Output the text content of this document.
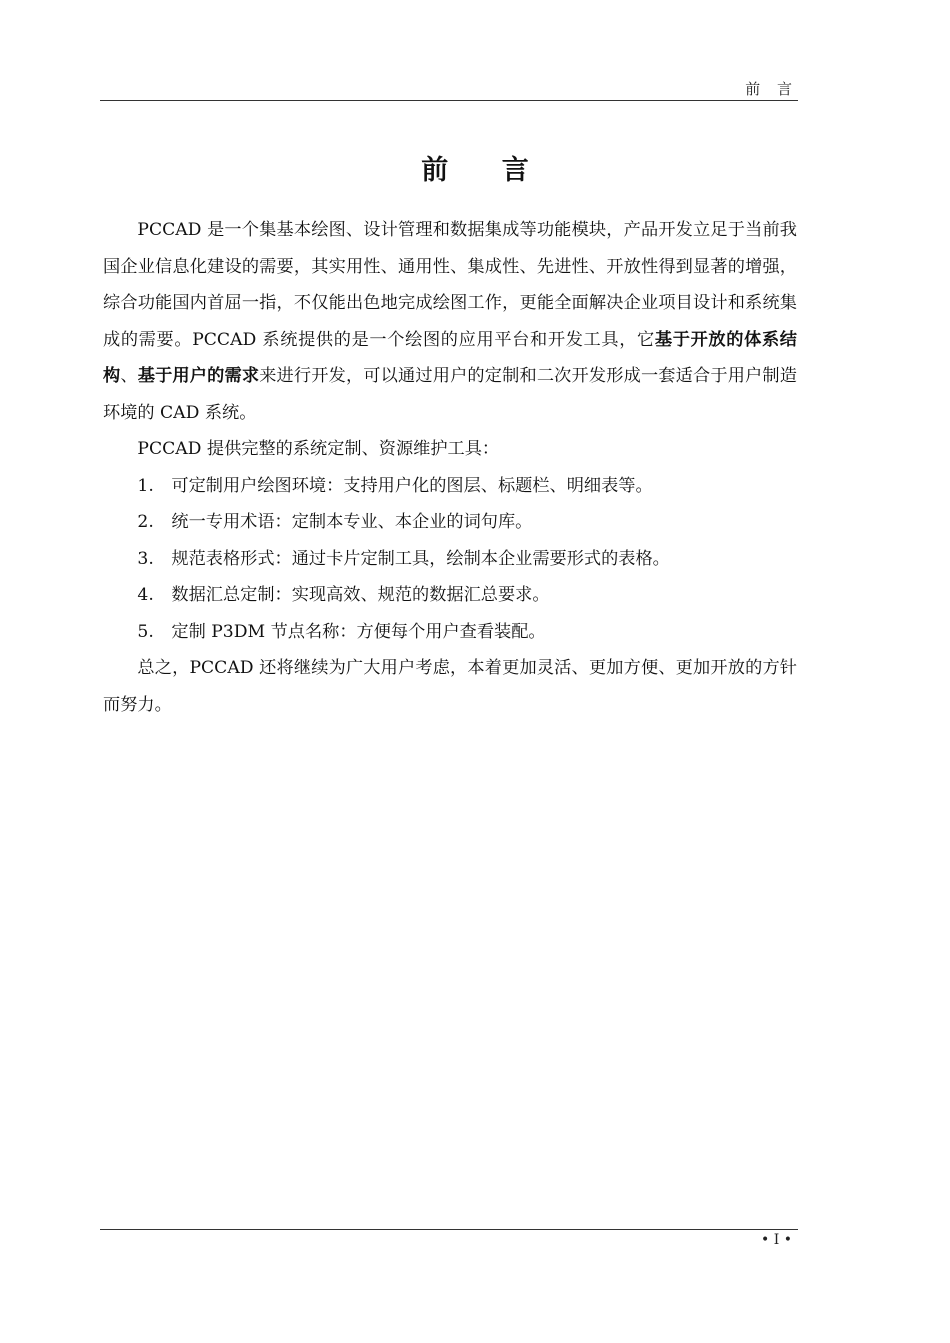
前 言
前 言

PCCAD 是一个集基本绘图、设计管理和数据集成等功能模块，产品开发立足于当前我国企业信息化建设的需要，其实用性、通用性、集成性、先进性、开放性得到显著的增强，综合功能国内首屈一指，不仅能出色地完成绘图工作，更能全面解决企业项目设计和系统集成的需要。PCCAD 系统提供的是一个绘图的应用平台和开发工具，它基于开放的体系结构、基于用户的需求来进行开发，可以通过用户的定制和二次开发形成一套适合于用户制造环境的 CAD 系统。

PCCAD 提供完整的系统定制、资源维护工具：

1. 可定制用户绘图环境：支持用户化的图层、标题栏、明细表等。
2. 统一专用术语：定制本专业、本企业的词句库。
3. 规范表格形式：通过卡片定制工具，绘制本企业需要形式的表格。
4. 数据汇总定制：实现高效、规范的数据汇总要求。
5. 定制 P3DM 节点名称：方便每个用户查看装配。

总之，PCCAD 还将继续为广大用户考虑，本着更加灵活、更加方便、更加开放的方针而努力。

• I •
